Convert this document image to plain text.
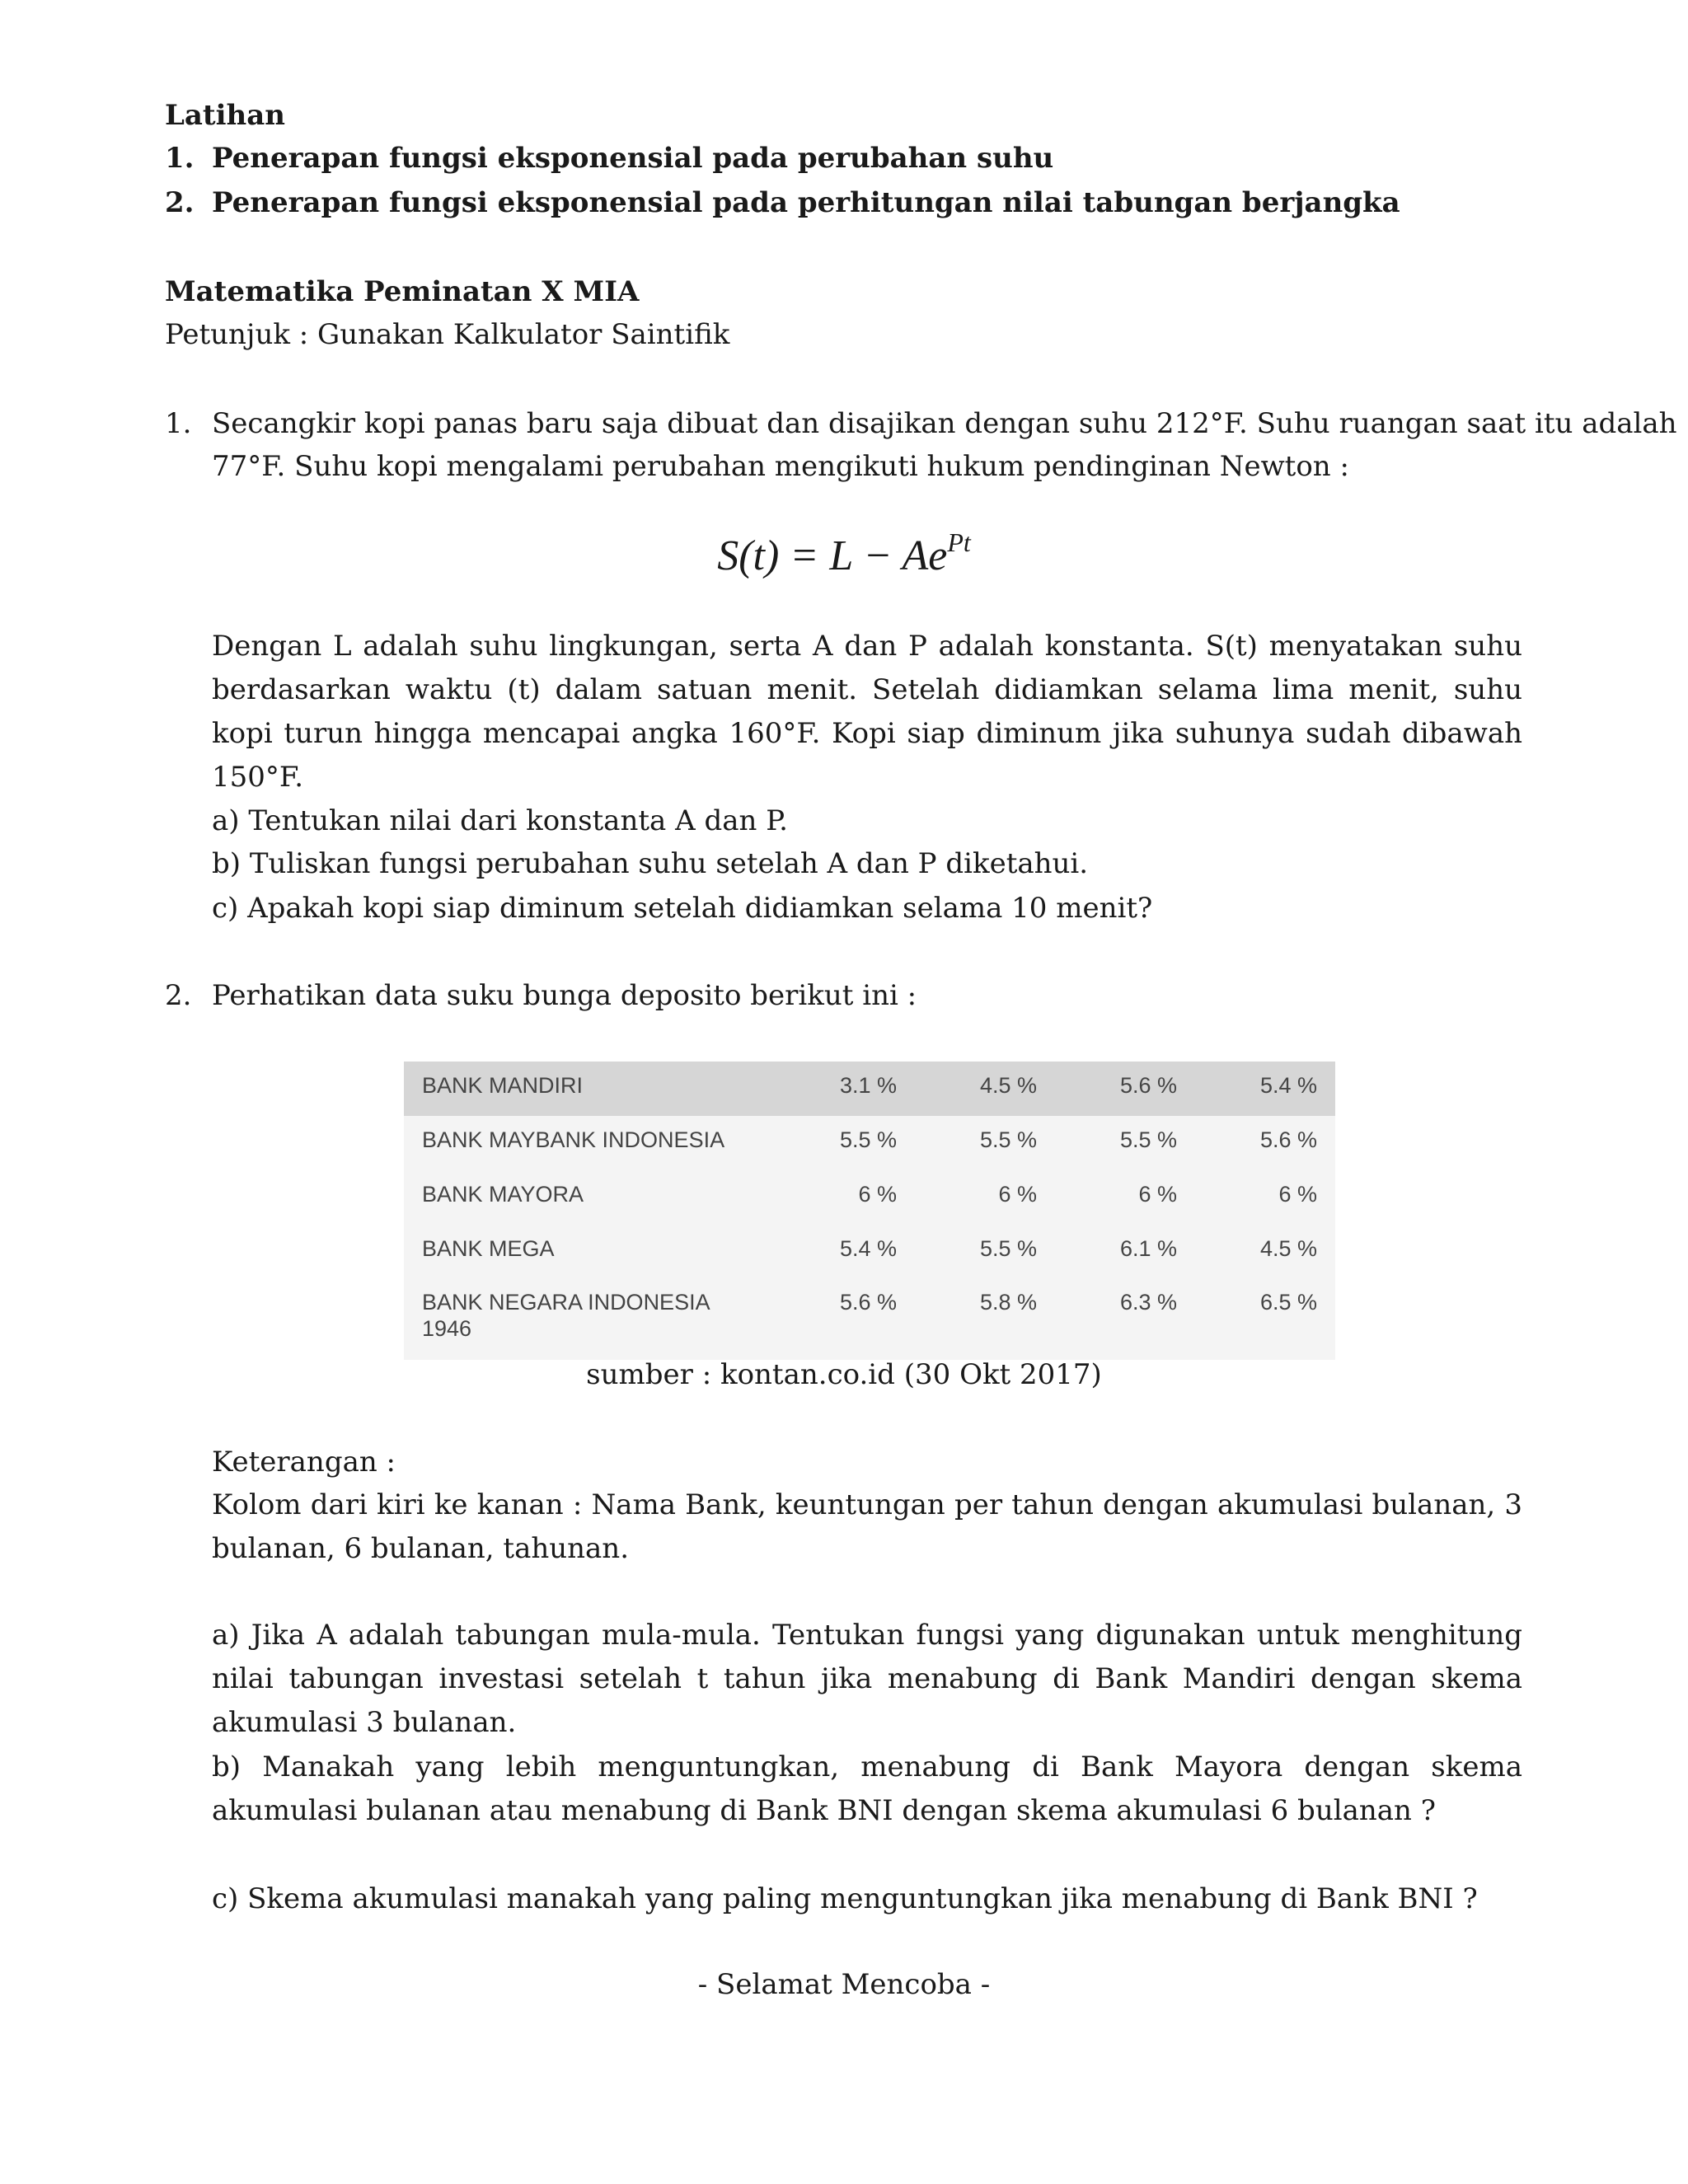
Latihan
1. Penerapan fungsi eksponensial pada perubahan suhu
2. Penerapan fungsi eksponensial pada perhitungan nilai tabungan berjangka
Matematika Peminatan X MIA
Petunjuk : Gunakan Kalkulator Saintifik
1. Secangkir kopi panas baru saja dibuat dan disajikan dengan suhu 212°F. Suhu ruangan saat itu adalah
77°F. Suhu kopi mengalami perubahan mengikuti hukum pendinginan Newton :
$S(t) = L - Ae^{Pt}$
Dengan L adalah suhu lingkungan, serta A dan P adalah konstanta. S(t) menyatakan suhu berdasarkan waktu (t) dalam satuan menit. Setelah didiamkan selama lima menit, suhu kopi turun hingga mencapai angka 160°F. Kopi siap diminum jika suhunya sudah dibawah 150°F.
a) Tentukan nilai dari konstanta A dan P.
b) Tuliskan fungsi perubahan suhu setelah A dan P diketahui.
c) Apakah kopi siap diminum setelah didiamkan selama 10 menit?
2. Perhatikan data suku bunga deposito berikut ini :
BANK MANDIRI	3.1 %	4.5 %	5.6 %	5.4 %
BANK MAYBANK INDONESIA	5.5 %	5.5 %	5.5 %	5.6 %
BANK MAYORA	6 %	6 %	6 %	6 %
BANK MEGA	5.4 %	5.5 %	6.1 %	4.5 %
BANK NEGARA INDONESIA 1946	5.6 %	5.8 %	6.3 %	6.5 %
sumber : kontan.co.id (30 Okt 2017)
Keterangan :
Kolom dari kiri ke kanan : Nama Bank, keuntungan per tahun dengan akumulasi bulanan, 3 bulanan, 6 bulanan, tahunan.
a) Jika A adalah tabungan mula-mula. Tentukan fungsi yang digunakan untuk menghitung nilai tabungan investasi setelah t tahun jika menabung di Bank Mandiri dengan skema akumulasi 3 bulanan.
b) Manakah yang lebih menguntungkan, menabung di Bank Mayora dengan skema akumulasi bulanan atau menabung di Bank BNI dengan skema akumulasi 6 bulanan ?
c) Skema akumulasi manakah yang paling menguntungkan jika menabung di Bank BNI ?
- Selamat Mencoba -
